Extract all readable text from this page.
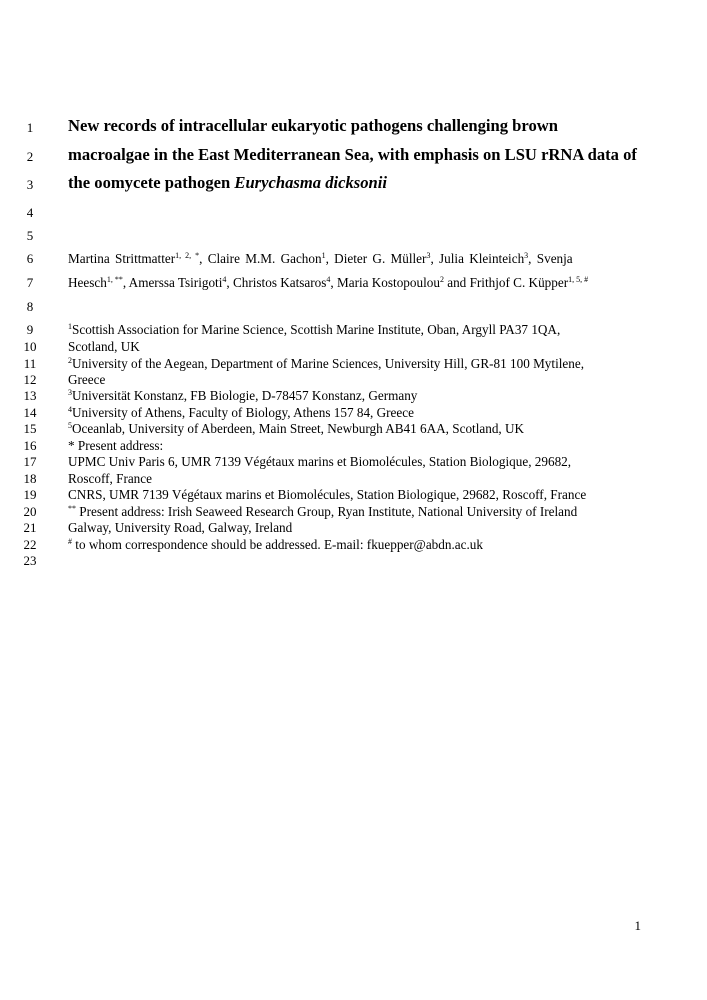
1
2
3
4
5
6
7
8
9
10
11
12
13
14
15
16
17
18
19
20
21
22
23
New records of intracellular eukaryotic pathogens challenging brown
macroalgae in the East Mediterranean Sea, with emphasis on LSU rRNA data of
the oomycete pathogen Eurychasma dicksonii
Martina Strittmatter$^{1, 2, *}$, Claire M.M. Gachon$^1$, Dieter G. Müller$^3$, Julia Kleinteich$^3$, Svenja
Heesch$^{1, **}$, Amerssa Tsirigoti$^4$, Christos Katsaros$^4$, Maria Kostopoulou$^2$ and Frithjof C. Küpper$^{1, 5, \#}$
$^1$Scottish Association for Marine Science, Scottish Marine Institute, Oban, Argyll PA37 1QA,
Scotland, UK
$^2$University of the Aegean, Department of Marine Sciences, University Hill, GR-81 100 Mytilene,
Greece
$^3$Universität Konstanz, FB Biologie, D-78457 Konstanz, Germany
$^4$University of Athens, Faculty of Biology, Athens 157 84, Greece
$^5$Oceanlab, University of Aberdeen, Main Street, Newburgh AB41 6AA, Scotland, UK
* Present address:
UPMC Univ Paris 6, UMR 7139 Végétaux marins et Biomolécules, Station Biologique, 29682,
Roscoff, France
CNRS, UMR 7139 Végétaux marins et Biomolécules, Station Biologique, 29682, Roscoff, France
** Present address: Irish Seaweed Research Group, Ryan Institute, National University of Ireland
Galway, University Road, Galway, Ireland
# to whom correspondence should be addressed. E-mail: fkuepper@abdn.ac.uk
1
